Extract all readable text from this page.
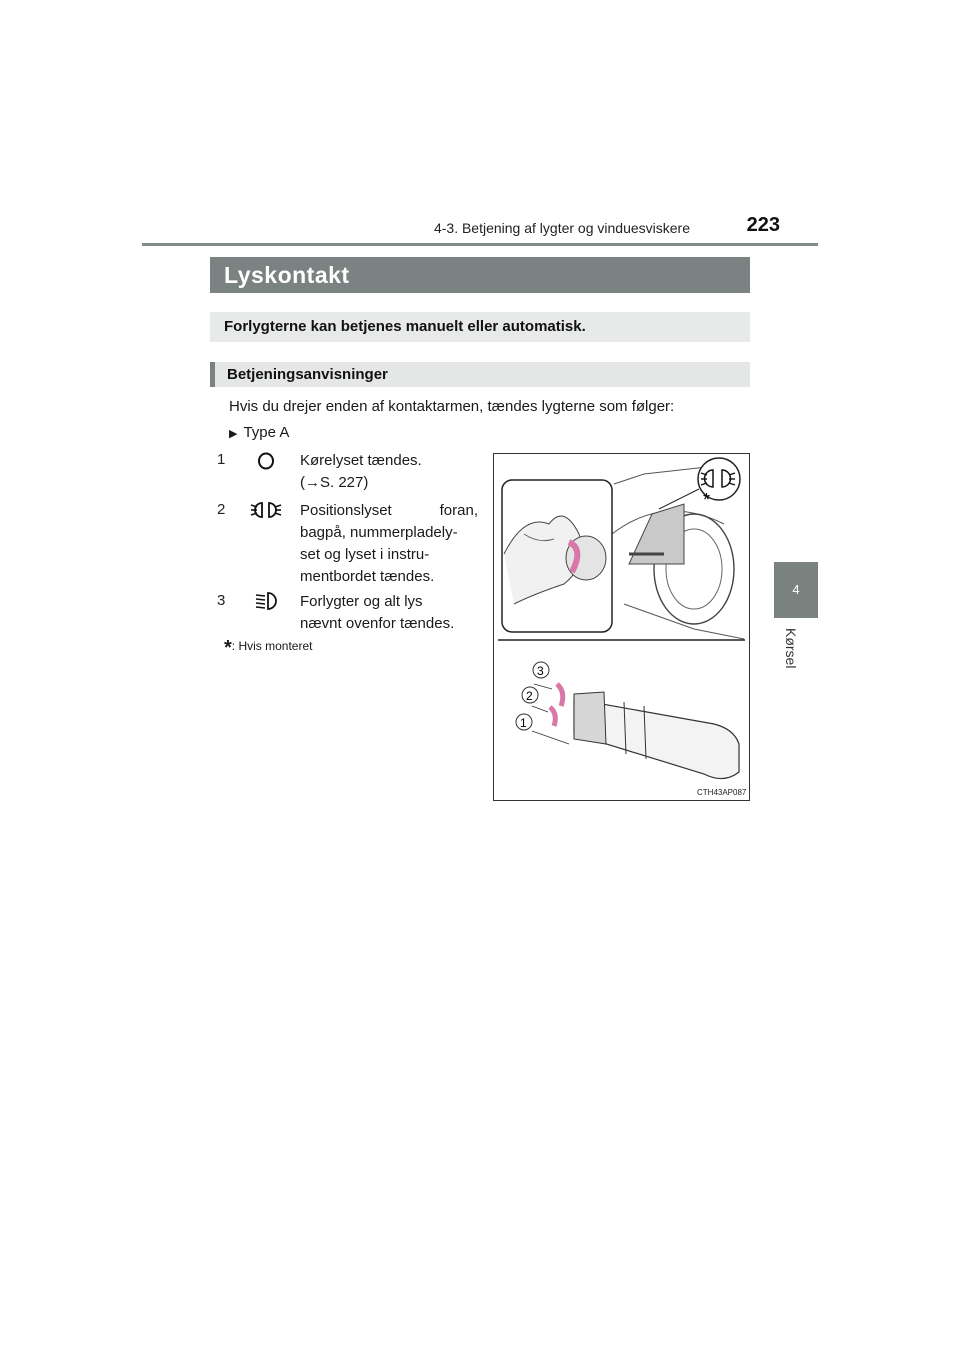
4-3. Betjening af lygter og vinduesviskere	223
4
Kørsel
Lyskontakt
Forlygterne kan betjenes manuelt eller automatisk.
Betjeningsanvisninger
Hvis du drejer enden af kontaktarmen, tændes lygterne som følger:
▶ Type A
1	Kørelyset tændes.
(→S. 227)
2	Positionslyset foran, bagpå, nummerpladely-
set og lyset i instru-
mentbordet tændes.
3	Forlygter og alt lys
nævnt ovenfor tændes.
*: Hvis monteret
*
3
2
1
CTH43AP087
